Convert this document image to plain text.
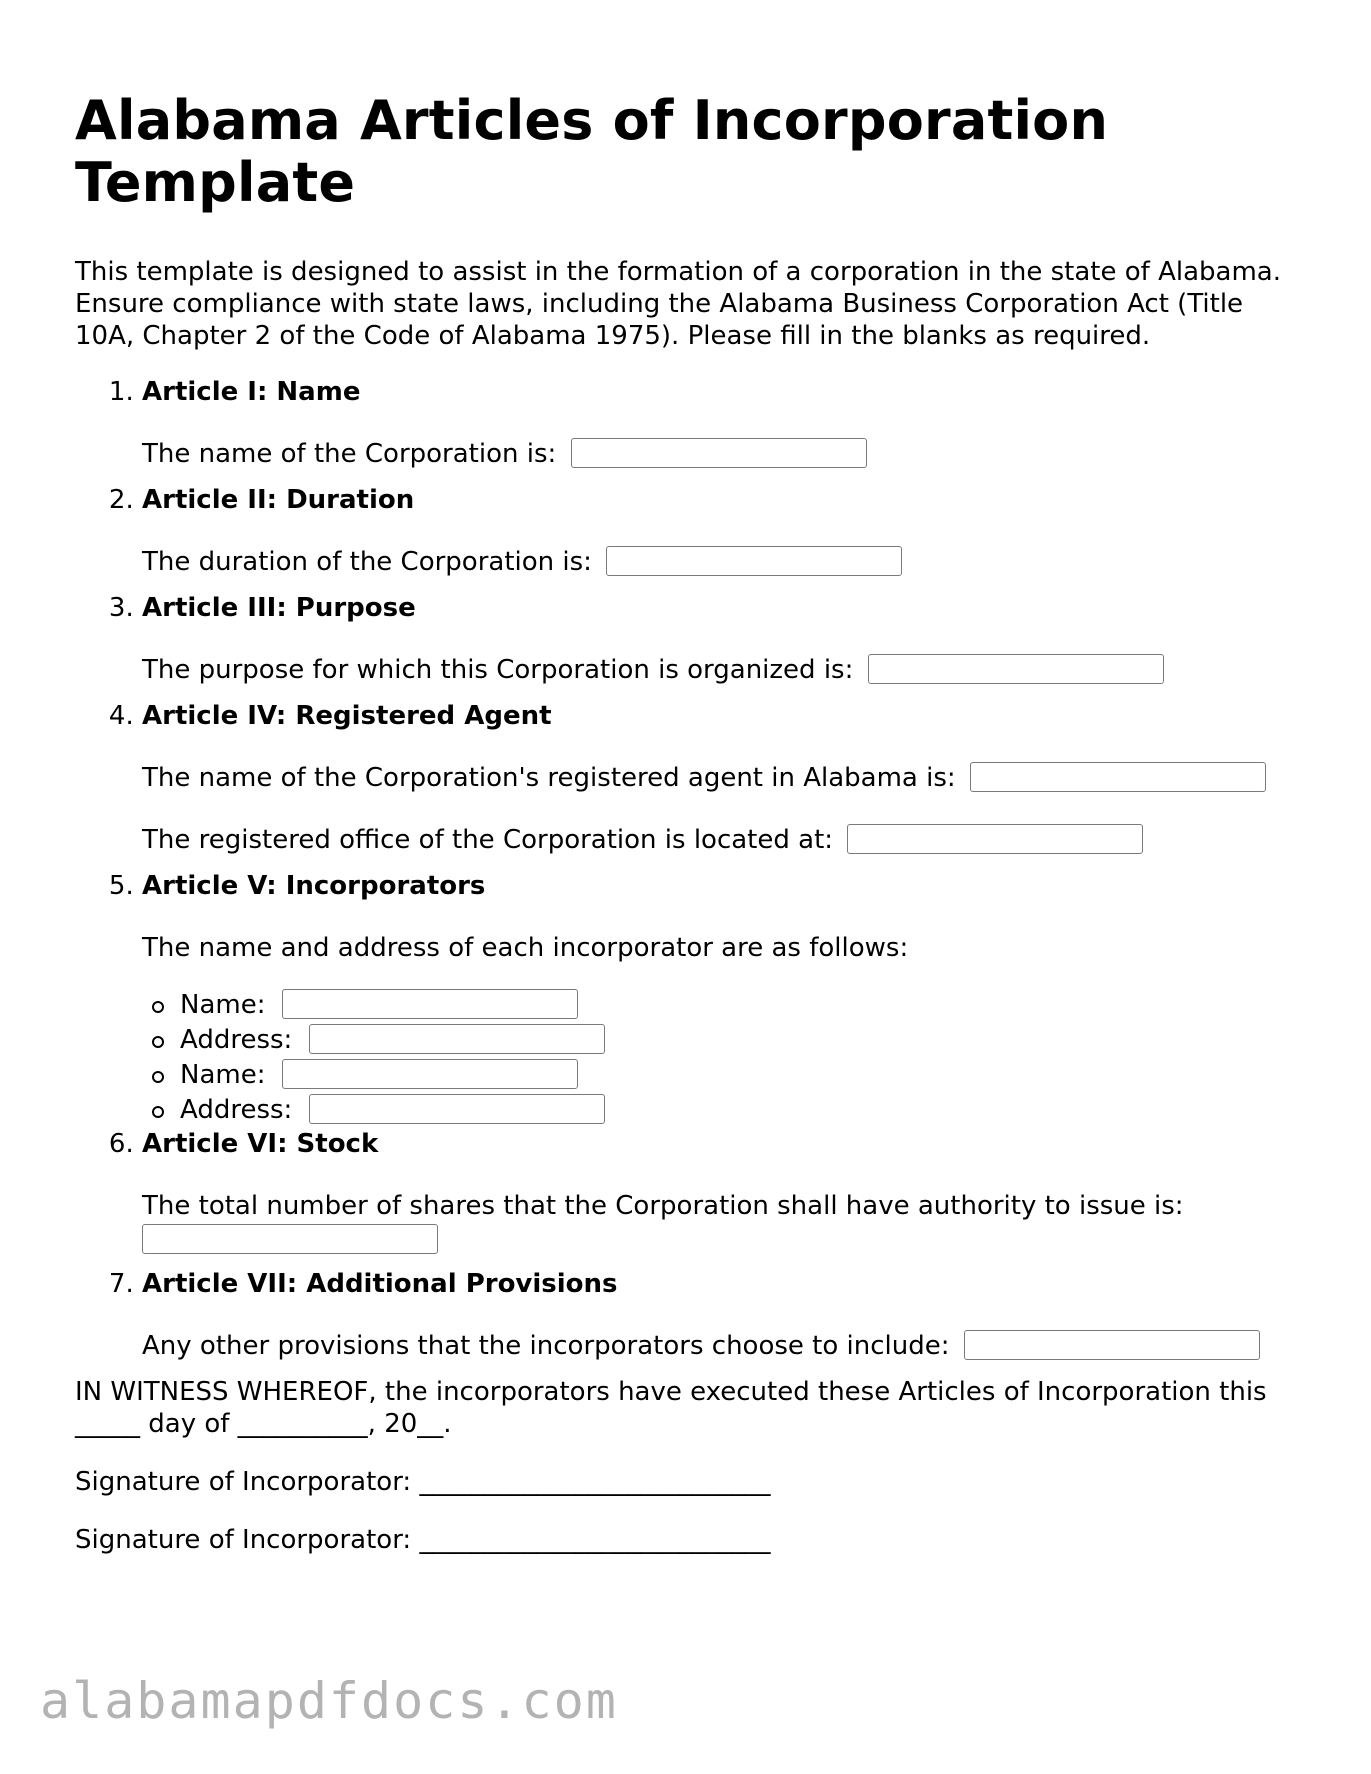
Alabama Articles of Incorporation Template

This template is designed to assist in the formation of a corporation in the state of Alabama. Ensure compliance with state laws, including the Alabama Business Corporation Act (Title 10A, Chapter 2 of the Code of Alabama 1975). Please fill in the blanks as required.

1. Article I: Name
The name of the Corporation is:
2. Article II: Duration
The duration of the Corporation is:
3. Article III: Purpose
The purpose for which this Corporation is organized is:
4. Article IV: Registered Agent
The name of the Corporation's registered agent in Alabama is:
The registered office of the Corporation is located at:
5. Article V: Incorporators
The name and address of each incorporator are as follows:
Name:
Address:
Name:
Address:
6. Article VI: Stock
The total number of shares that the Corporation shall have authority to issue is:
7. Article VII: Additional Provisions
Any other provisions that the incorporators choose to include:

IN WITNESS WHEREOF, the incorporators have executed these Articles of Incorporation this _____ day of __________, 20__.

Signature of Incorporator: ___________________________

Signature of Incorporator: ___________________________

alabamapdfdocs.com
